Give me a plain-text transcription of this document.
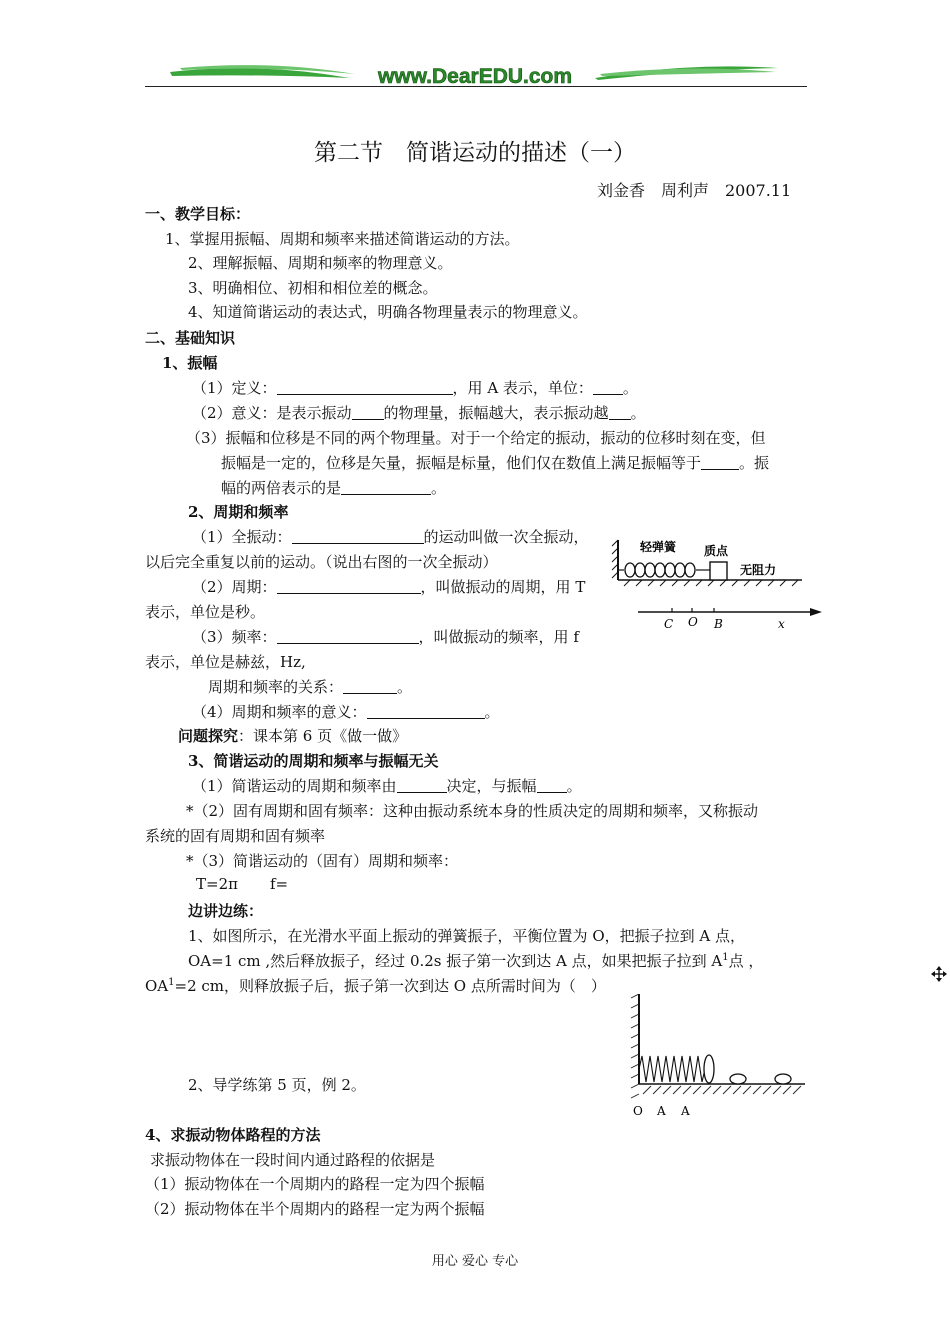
www.DearEDU.com
第二节　简谐运动的描述（一）
刘金香　周利声　2007.11
一、教学目标：
1、掌握用振幅、周期和频率来描述简谐运动的方法。
2、理解振幅、周期和频率的物理意义。
3、明确相位、初相和相位差的概念。
4、知道简谐运动的表达式，明确各物理量表示的物理意义。
二、基础知识
1、振幅
（1）定义：	，用 A 表示，单位： 。
（2）意义：是表示振动 的物理量，振幅越大，表示振动越 。
（3）振幅和位移是不同的两个物理量。对于一个给定的振动，振动的位移时刻在变，但
振幅是一定的，位移是矢量，振幅是标量，他们仅在数值上满足振幅等于	。振
幅的两倍表示的是	。
2、周期和频率
（1）全振动：	的运动叫做一次全振动，
以后完全重复以前的运动。（说出右图的一次全振动）
（2）周期：	，叫做振动的周期，用 T
表示，单位是秒。
（3）频率：	，叫做振动的频率，用 f
表示，单位是赫兹，Hz,
周期和频率的关系：	。
（4）周期和频率的意义：	。
问题探究：课本第 6 页《做一做》
3、简谐运动的周期和频率与振幅无关
（1）简谐运动的周期和频率由	决定，与振幅 。
*（2）固有周期和固有频率：这种由振动系统本身的性质决定的周期和频率，又称振动
系统的固有周期和固有频率
*（3）简谐运动的（固有）周期和频率：
T=2π f=
边讲边练：
1、如图所示，在光滑水平面上振动的弹簧振子，平衡位置为 O，把振子拉到 A 点，
OA=1 cm ,然后释放振子，经过 0.2s 振子第一次到达 A 点，如果把振子拉到 $A^1$点 ，
$OA^1=2$ cm，则释放振子后，振子第一次到达 O 点所需时间为（　）
2、导学练第 5 页，例 2。
4、求振动物体路程的方法
求振动物体在一段时间内通过路程的依据是
（1）振动物体在一个周期内的路程一定为四个振幅
（2）振动物体在半个周期内的路程一定为两个振幅
轻弹簧 质点
无阻力
C O B	x
O A A
用心 爱心 专心
